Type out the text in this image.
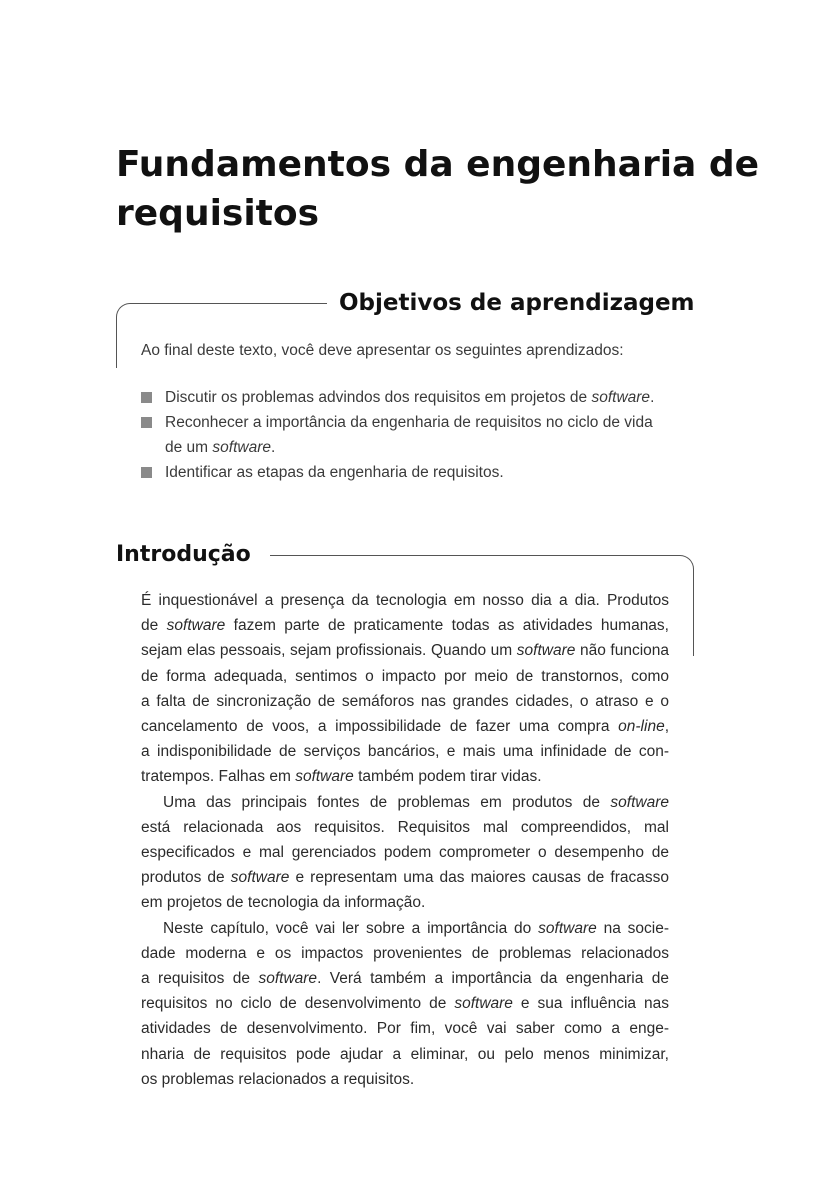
Fundamentos da engenharia de requisitos
Objetivos de aprendizagem

Ao final deste texto, você deve apresentar os seguintes aprendizados:

Discutir os problemas advindos dos requisitos em projetos de software.
Reconhecer a importância da engenharia de requisitos no ciclo de vida de um software.
Identificar as etapas da engenharia de requisitos.
Introdução
É inquestionável a presença da tecnologia em nosso dia a dia. Produtos
de software fazem parte de praticamente todas as atividades humanas,
sejam elas pessoais, sejam profissionais. Quando um software não funciona
de forma adequada, sentimos o impacto por meio de transtornos, como
a falta de sincronização de semáforos nas grandes cidades, o atraso e o
cancelamento de voos, a impossibilidade de fazer uma compra on-line,
a indisponibilidade de serviços bancários, e mais uma infinidade de con-
tratempos. Falhas em software também podem tirar vidas.
Uma das principais fontes de problemas em produtos de software
está relacionada aos requisitos. Requisitos mal compreendidos, mal
especificados e mal gerenciados podem comprometer o desempenho de
produtos de software e representam uma das maiores causas de fracasso
em projetos de tecnologia da informação.
Neste capítulo, você vai ler sobre a importância do software na socie-
dade moderna e os impactos provenientes de problemas relacionados
a requisitos de software. Verá também a importância da engenharia de
requisitos no ciclo de desenvolvimento de software e sua influência nas
atividades de desenvolvimento. Por fim, você vai saber como a enge-
nharia de requisitos pode ajudar a eliminar, ou pelo menos minimizar,
os problemas relacionados a requisitos.
